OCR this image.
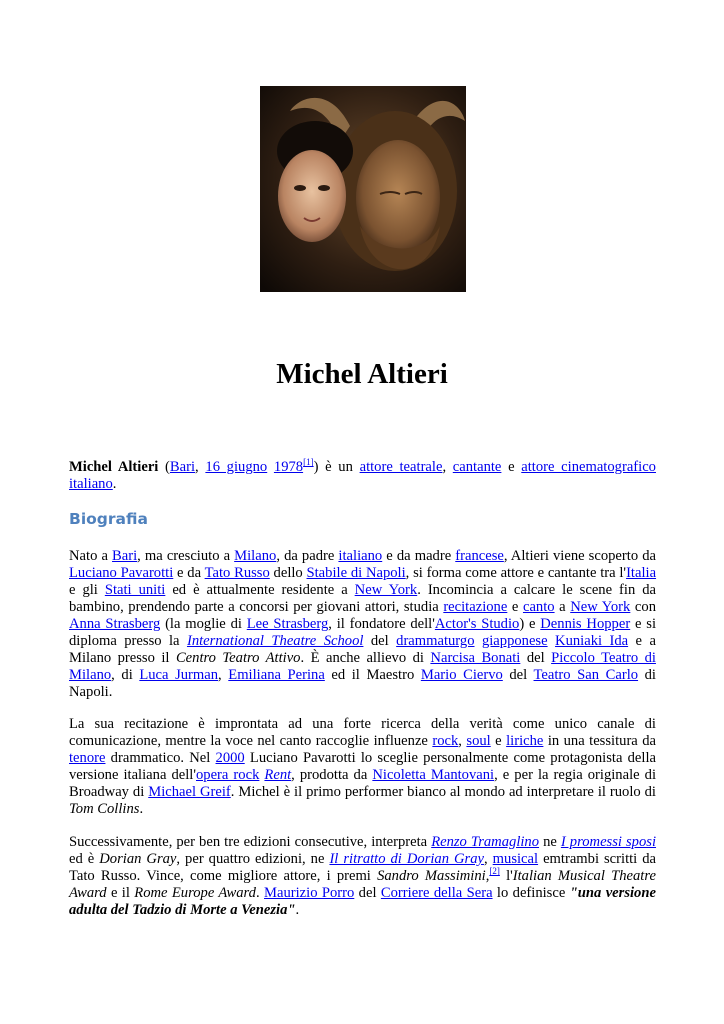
Michel Altieri

Michel Altieri (Bari, 16 giugno 1978[1]) è un attore teatrale, cantante e attore cinematografico italiano.

Biografia

Nato a Bari, ma cresciuto a Milano, da padre italiano e da madre francese, Altieri viene scoperto da Luciano Pavarotti e da Tato Russo dello Stabile di Napoli, si forma come attore e cantante tra l'Italia e gli Stati uniti ed è attualmente residente a New York. Incomincia a calcare le scene fin da bambino, prendendo parte a concorsi per giovani attori, studia recitazione e canto a New York con Anna Strasberg (la moglie di Lee Strasberg, il fondatore dell'Actor's Studio) e Dennis Hopper e si diploma presso la International Theatre School del drammaturgo giapponese Kuniaki Ida e a Milano presso il Centro Teatro Attivo. È anche allievo di Narcisa Bonati del Piccolo Teatro di Milano, di Luca Jurman, Emiliana Perina ed il Maestro Mario Ciervo del Teatro San Carlo di Napoli.

La sua recitazione è improntata ad una forte ricerca della verità come unico canale di comunicazione, mentre la voce nel canto raccoglie influenze rock, soul e liriche in una tessitura da tenore drammatico. Nel 2000 Luciano Pavarotti lo sceglie personalmente come protagonista della versione italiana dell'opera rock Rent, prodotta da Nicoletta Mantovani, e per la regia originale di Broadway di Michael Greif. Michel è il primo performer bianco al mondo ad interpretare il ruolo di Tom Collins.

Successivamente, per ben tre edizioni consecutive, interpreta Renzo Tramaglino ne I promessi sposi ed è Dorian Gray, per quattro edizioni, ne Il ritratto di Dorian Gray, musical emtrambi scritti da Tato Russo. Vince, come migliore attore, i premi Sandro Massimini,[2] l'Italian Musical Theatre Award e il Rome Europe Award. Maurizio Porro del Corriere della Sera lo definisce "una versione adulta del Tadzio di Morte a Venezia".
